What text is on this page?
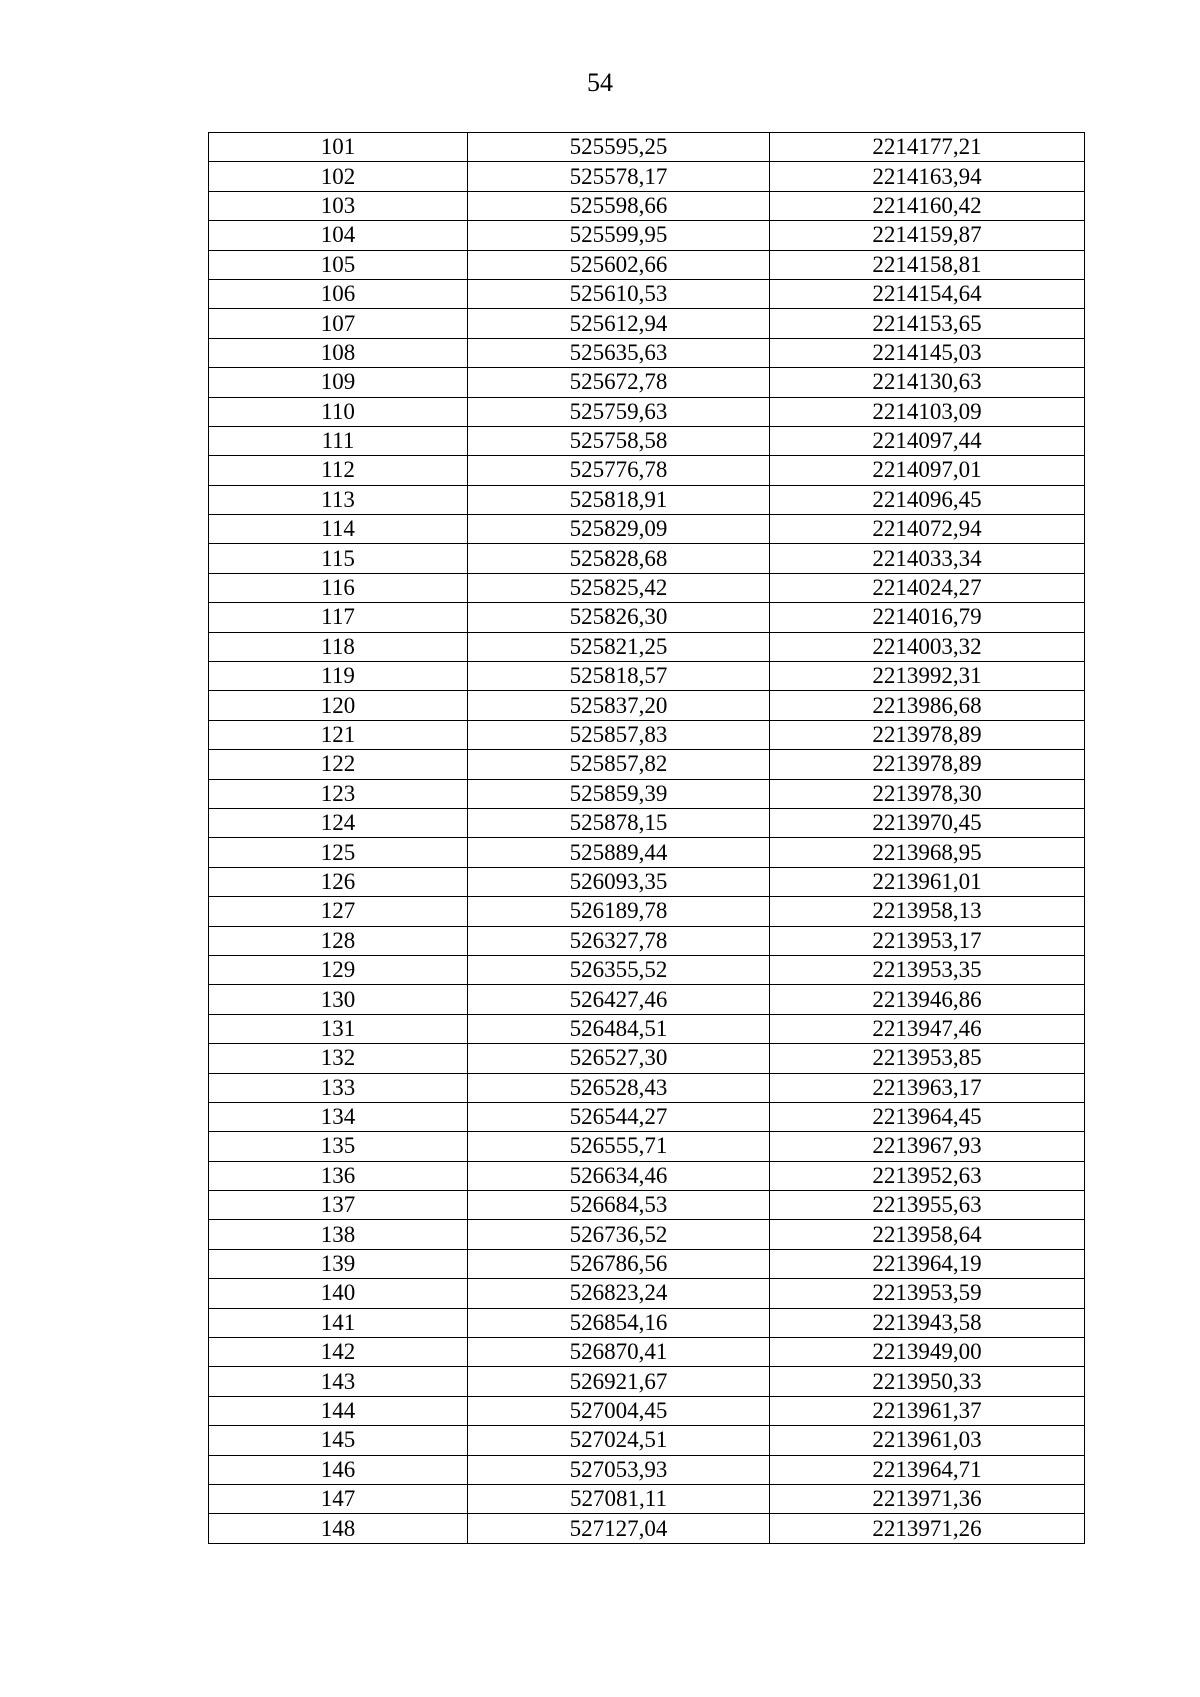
54
101	525595,25	2214177,21
102	525578,17	2214163,94
103	525598,66	2214160,42
104	525599,95	2214159,87
105	525602,66	2214158,81
106	525610,53	2214154,64
107	525612,94	2214153,65
108	525635,63	2214145,03
109	525672,78	2214130,63
110	525759,63	2214103,09
111	525758,58	2214097,44
112	525776,78	2214097,01
113	525818,91	2214096,45
114	525829,09	2214072,94
115	525828,68	2214033,34
116	525825,42	2214024,27
117	525826,30	2214016,79
118	525821,25	2214003,32
119	525818,57	2213992,31
120	525837,20	2213986,68
121	525857,83	2213978,89
122	525857,82	2213978,89
123	525859,39	2213978,30
124	525878,15	2213970,45
125	525889,44	2213968,95
126	526093,35	2213961,01
127	526189,78	2213958,13
128	526327,78	2213953,17
129	526355,52	2213953,35
130	526427,46	2213946,86
131	526484,51	2213947,46
132	526527,30	2213953,85
133	526528,43	2213963,17
134	526544,27	2213964,45
135	526555,71	2213967,93
136	526634,46	2213952,63
137	526684,53	2213955,63
138	526736,52	2213958,64
139	526786,56	2213964,19
140	526823,24	2213953,59
141	526854,16	2213943,58
142	526870,41	2213949,00
143	526921,67	2213950,33
144	527004,45	2213961,37
145	527024,51	2213961,03
146	527053,93	2213964,71
147	527081,11	2213971,36
148	527127,04	2213971,26
